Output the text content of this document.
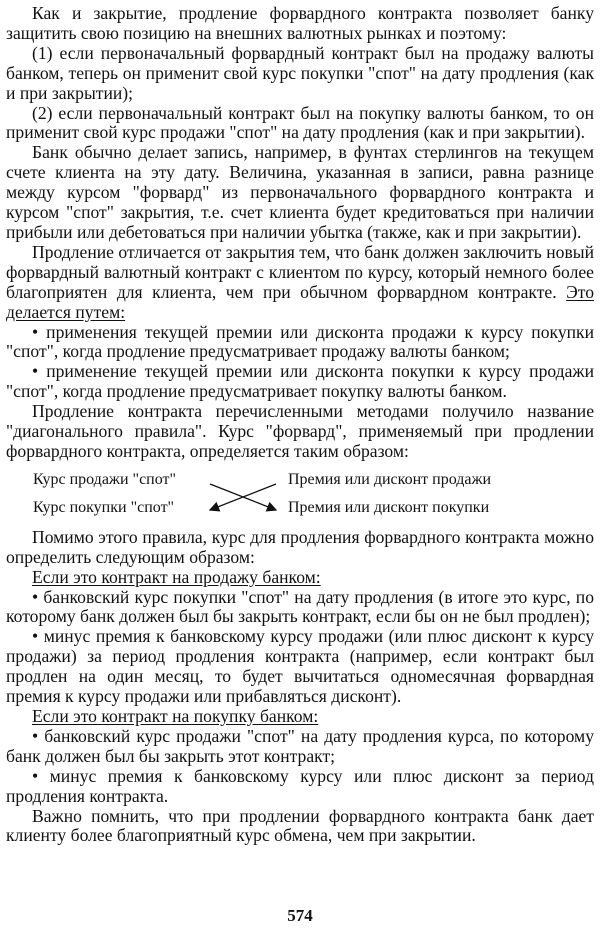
Как и закрытие, продление форвардного контракта позволяет банку защитить свою позицию на внешних валютных рынках и поэтому:

(1) если первоначальный форвардный контракт был на продажу валюты банком, теперь он применит свой курс покупки "спот" на дату продления (как и при закрытии);

(2) если первоначальный контракт был на покупку валюты банком, то он применит свой курс продажи "спот" на дату продления (как и при закрытии).

Банк обычно делает запись, например, в фунтах стерлингов на текущем счете клиента на эту дату. Величина, указанная в записи, равна разнице между курсом "форвард" из первоначального форвардного контракта и курсом "спот" закрытия, т.е. счет клиента будет кредитоваться при наличии прибыли или дебетоваться при наличии убытка (также, как и при закрытии).

Продление отличается от закрытия тем, что банк должен заключить новый форвардный валютный контракт с клиентом по курсу, который немного более благоприятен для клиента, чем при обычном форвардном контракте. Это делается путем:

• применения текущей премии или дисконта продажи к курсу покупки "спот", когда продление предусматривает продажу валюты банком;

• применение текущей премии или дисконта покупки к курсу продажи "спот", когда продление предусматривает покупку валюты банком.

Продление контракта перечисленными методами получило название "диагонального правила". Курс "форвард", применяемый при продлении форвардного контракта, определяется таким образом:

Курс продажи "спот"
Курс покупки "спот"
Премия или дисконт продажи
Премия или дисконт покупки

Помимо этого правила, курс для продления форвардного контракта можно определить следующим образом:

Если это контракт на продажу банком:

• банковский курс покупки "спот" на дату продления (в итоге это курс, по которому банк должен был бы закрыть контракт, если бы он не был продлен);

• минус премия к банковскому курсу продажи (или плюс дисконт к курсу продажи) за период продления контракта (например, если контракт был продлен на один месяц, то будет вычитаться одномесячная форвардная премия к курсу продажи или прибавляться дисконт).

Если это контракт на покупку банком:

• банковский курс продажи "спот" на дату продления курса, по которому банк должен был бы закрыть этот контракт;

• минус премия к банковскому курсу или плюс дисконт за период продления контракта.

Важно помнить, что при продлении форвардного контракта банк дает клиенту более благоприятный курс обмена, чем при закрытии.

574
